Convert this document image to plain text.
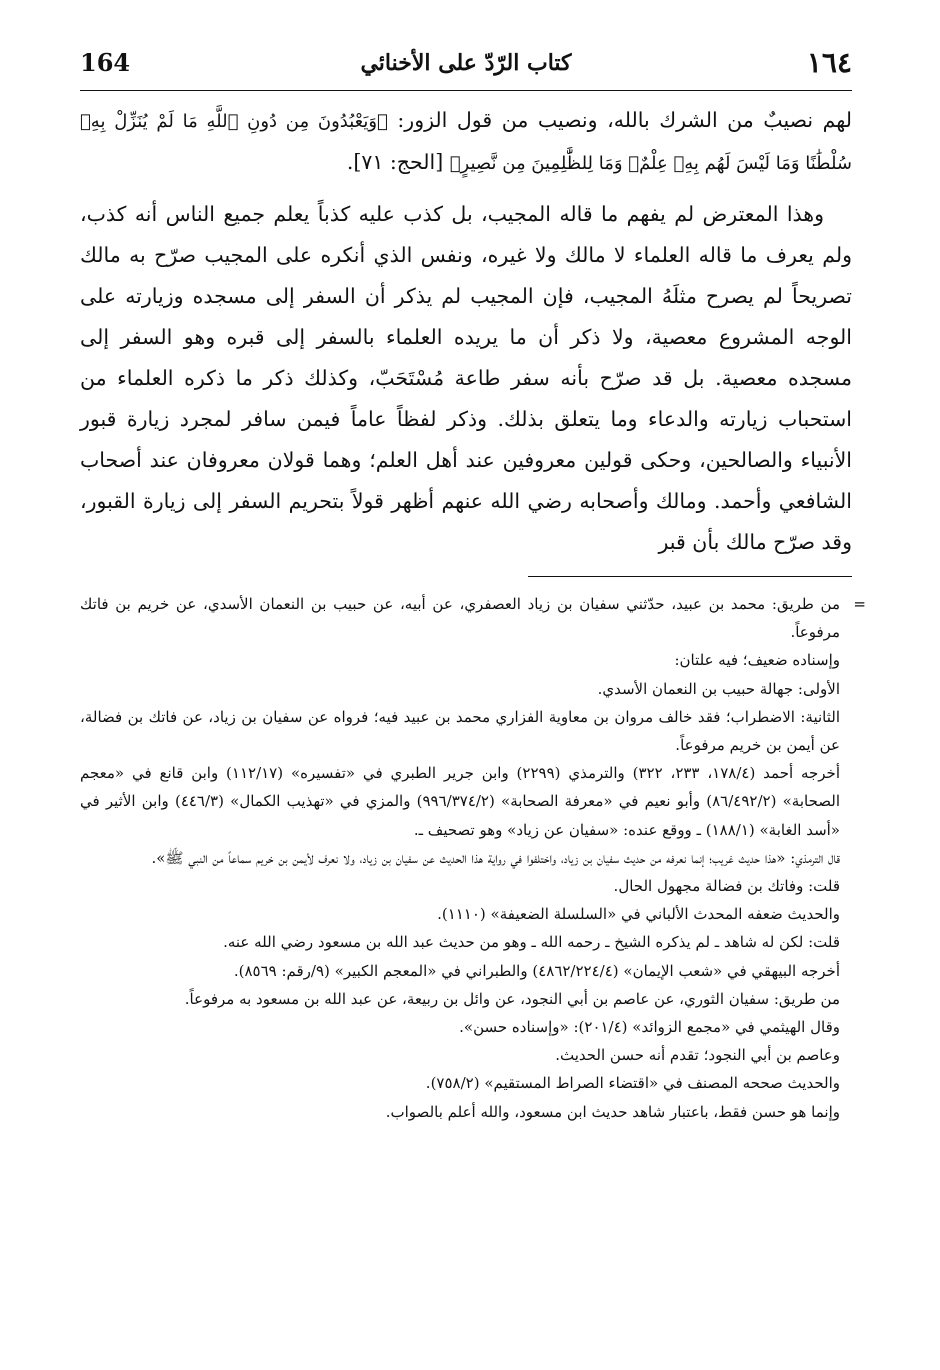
164	كتاب الرّدّ على الأخنائي	١٦٤

لهم نصيبٌ من الشرك بالله، ونصيب من قول الزور: ﴿وَيَعْبُدُونَ مِن دُونِ ٱللَّهِ مَا لَمْ يُنَزِّلْ بِهِۦ سُلْطَٰنًا وَمَا لَيْسَ لَهُم بِهِۦ عِلْمٌۗ وَمَا لِلظَّٰلِمِينَ مِن نَّصِيرٍ﴾ [الحج: ٧١].

وهذا المعترض لم يفهم ما قاله المجيب، بل كذب عليه كذباً يعلم جميع الناس أنه كذب، ولم يعرف ما قاله العلماء لا مالك ولا غيره، ونفس الذي أنكره على المجيب صرّح به مالك تصريحاً لم يصرح مثلَهُ المجيب، فإن المجيب لم يذكر أن السفر إلى مسجده وزيارته على الوجه المشروع معصية، ولا ذكر أن ما يريده العلماء بالسفر إلى قبره وهو السفر إلى مسجده معصية. بل قد صرّح بأنه سفر طاعة مُسْتَحَبّ، وكذلك ذكر ما ذكره العلماء من استحباب زيارته والدعاء وما يتعلق بذلك. وذكر لفظاً عاماً فيمن سافر لمجرد زيارة قبور الأنبياء والصالحين، وحكى قولين معروفين عند أهل العلم؛ وهما قولان معروفان عند أصحاب الشافعي وأحمد. ومالك وأصحابه رضي الله عنهم أظهر قولاً بتحريم السفر إلى زيارة القبور، وقد صرّح مالك بأن قبر

=
من طريق: محمد بن عبيد، حدّثني سفيان بن زياد العصفري، عن أبيه، عن حبيب بن النعمان الأسدي، عن خريم بن فاتك مرفوعاً.

وإسناده ضعيف؛ فيه علتان:

الأولى: جهالة حبيب بن النعمان الأسدي.

الثانية: الاضطراب؛ فقد خالف مروان بن معاوية الفزاري محمد بن عبيد فيه؛ فرواه عن سفيان بن زياد، عن فاتك بن فضالة، عن أيمن بن خريم مرفوعاً.

أخرجه أحمد (١٧٨/٤، ٢٣٣، ٣٢٢) والترمذي (٢٢٩٩) وابن جرير الطبري في «تفسيره» (١١٢/١٧) وابن قانع في «معجم الصحابة» (٨٦/٤٩٢/٢) وأبو نعيم في «معرفة الصحابة» (٩٩٦/٣٧٤/٢) والمزي في «تهذيب الكمال» (٤٤٦/٣) وابن الأثير في «أسد الغابة» (١٨٨/١) ـ ووقع عنده: «سفيان عن زياد» وهو تصحيف ـ.

قال الترمذي: «هذا حديث غريب؛ إنما نعرفه من حديث سفيان بن زياد، واختلفوا في رواية هذا الحديث عن سفيان بن زياد، ولا نعرف لأيمن بن خريم سماعاً من النبي ﷺ».

قلت: وفاتك بن فضالة مجهول الحال.

والحديث ضعفه المحدث الألباني في «السلسلة الضعيفة» (١١١٠).

قلت: لكن له شاهد ـ لم يذكره الشيخ ـ رحمه الله ـ وهو من حديث عبد الله بن مسعود رضي الله عنه.

أخرجه البيهقي في «شعب الإيمان» (٤٨٦٢/٢٢٤/٤) والطبراني في «المعجم الكبير» (٩/رقم: ٨٥٦٩).

من طريق: سفيان الثوري، عن عاصم بن أبي النجود، عن وائل بن ربيعة، عن عبد الله بن مسعود به مرفوعاً.

وقال الهيثمي في «مجمع الزوائد» (٢٠١/٤): «وإسناده حسن».

وعاصم بن أبي النجود؛ تقدم أنه حسن الحديث.

والحديث صححه المصنف في «اقتضاء الصراط المستقيم» (٧٥٨/٢).

وإنما هو حسن فقط، باعتبار شاهد حديث ابن مسعود، والله أعلم بالصواب.
